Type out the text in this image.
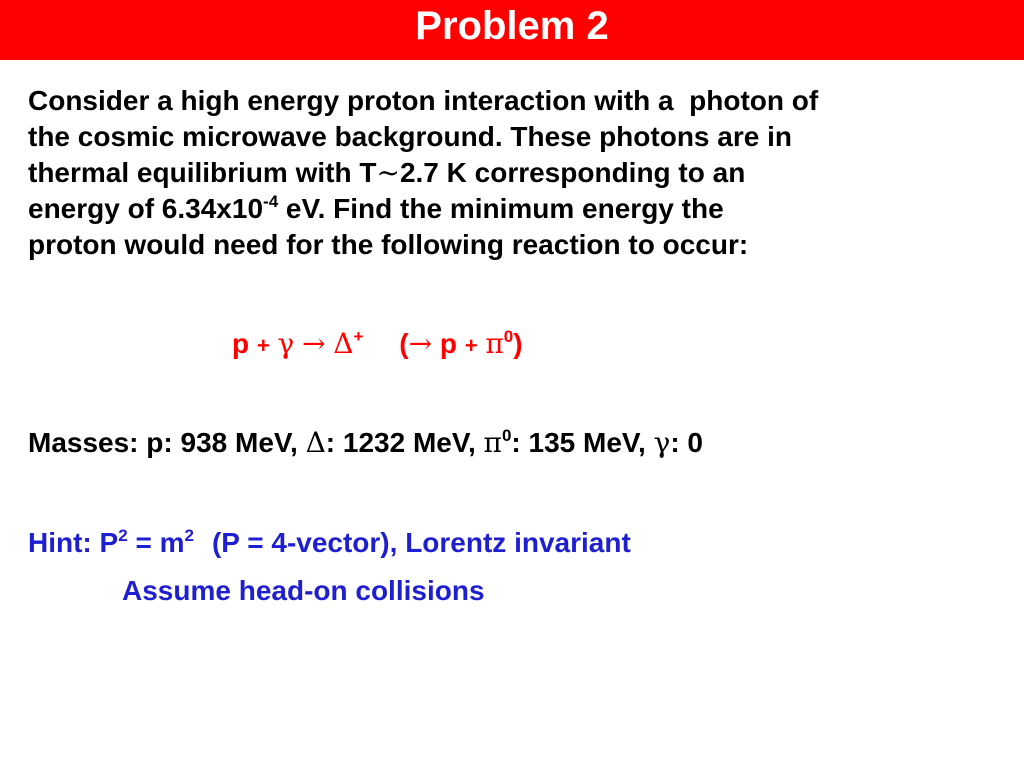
Problem 2
Consider a high energy proton interaction with a  photon of
the cosmic microwave background. These photons are in
thermal equilibrium with T~2.7 K corresponding to an
energy of $6.34x10^{-4}$ eV. Find the minimum energy the
proton would need for the following reaction to occur:
p + γ → Δ+ (→ $p + \pi^0$)
Masses: p: 938 MeV, Δ: 1232 MeV, $\pi^0$: 135 MeV, γ: 0
Hint: $P^2 = m^2$ (P = 4-vector), Lorentz invariant
Assume head-on collisions
